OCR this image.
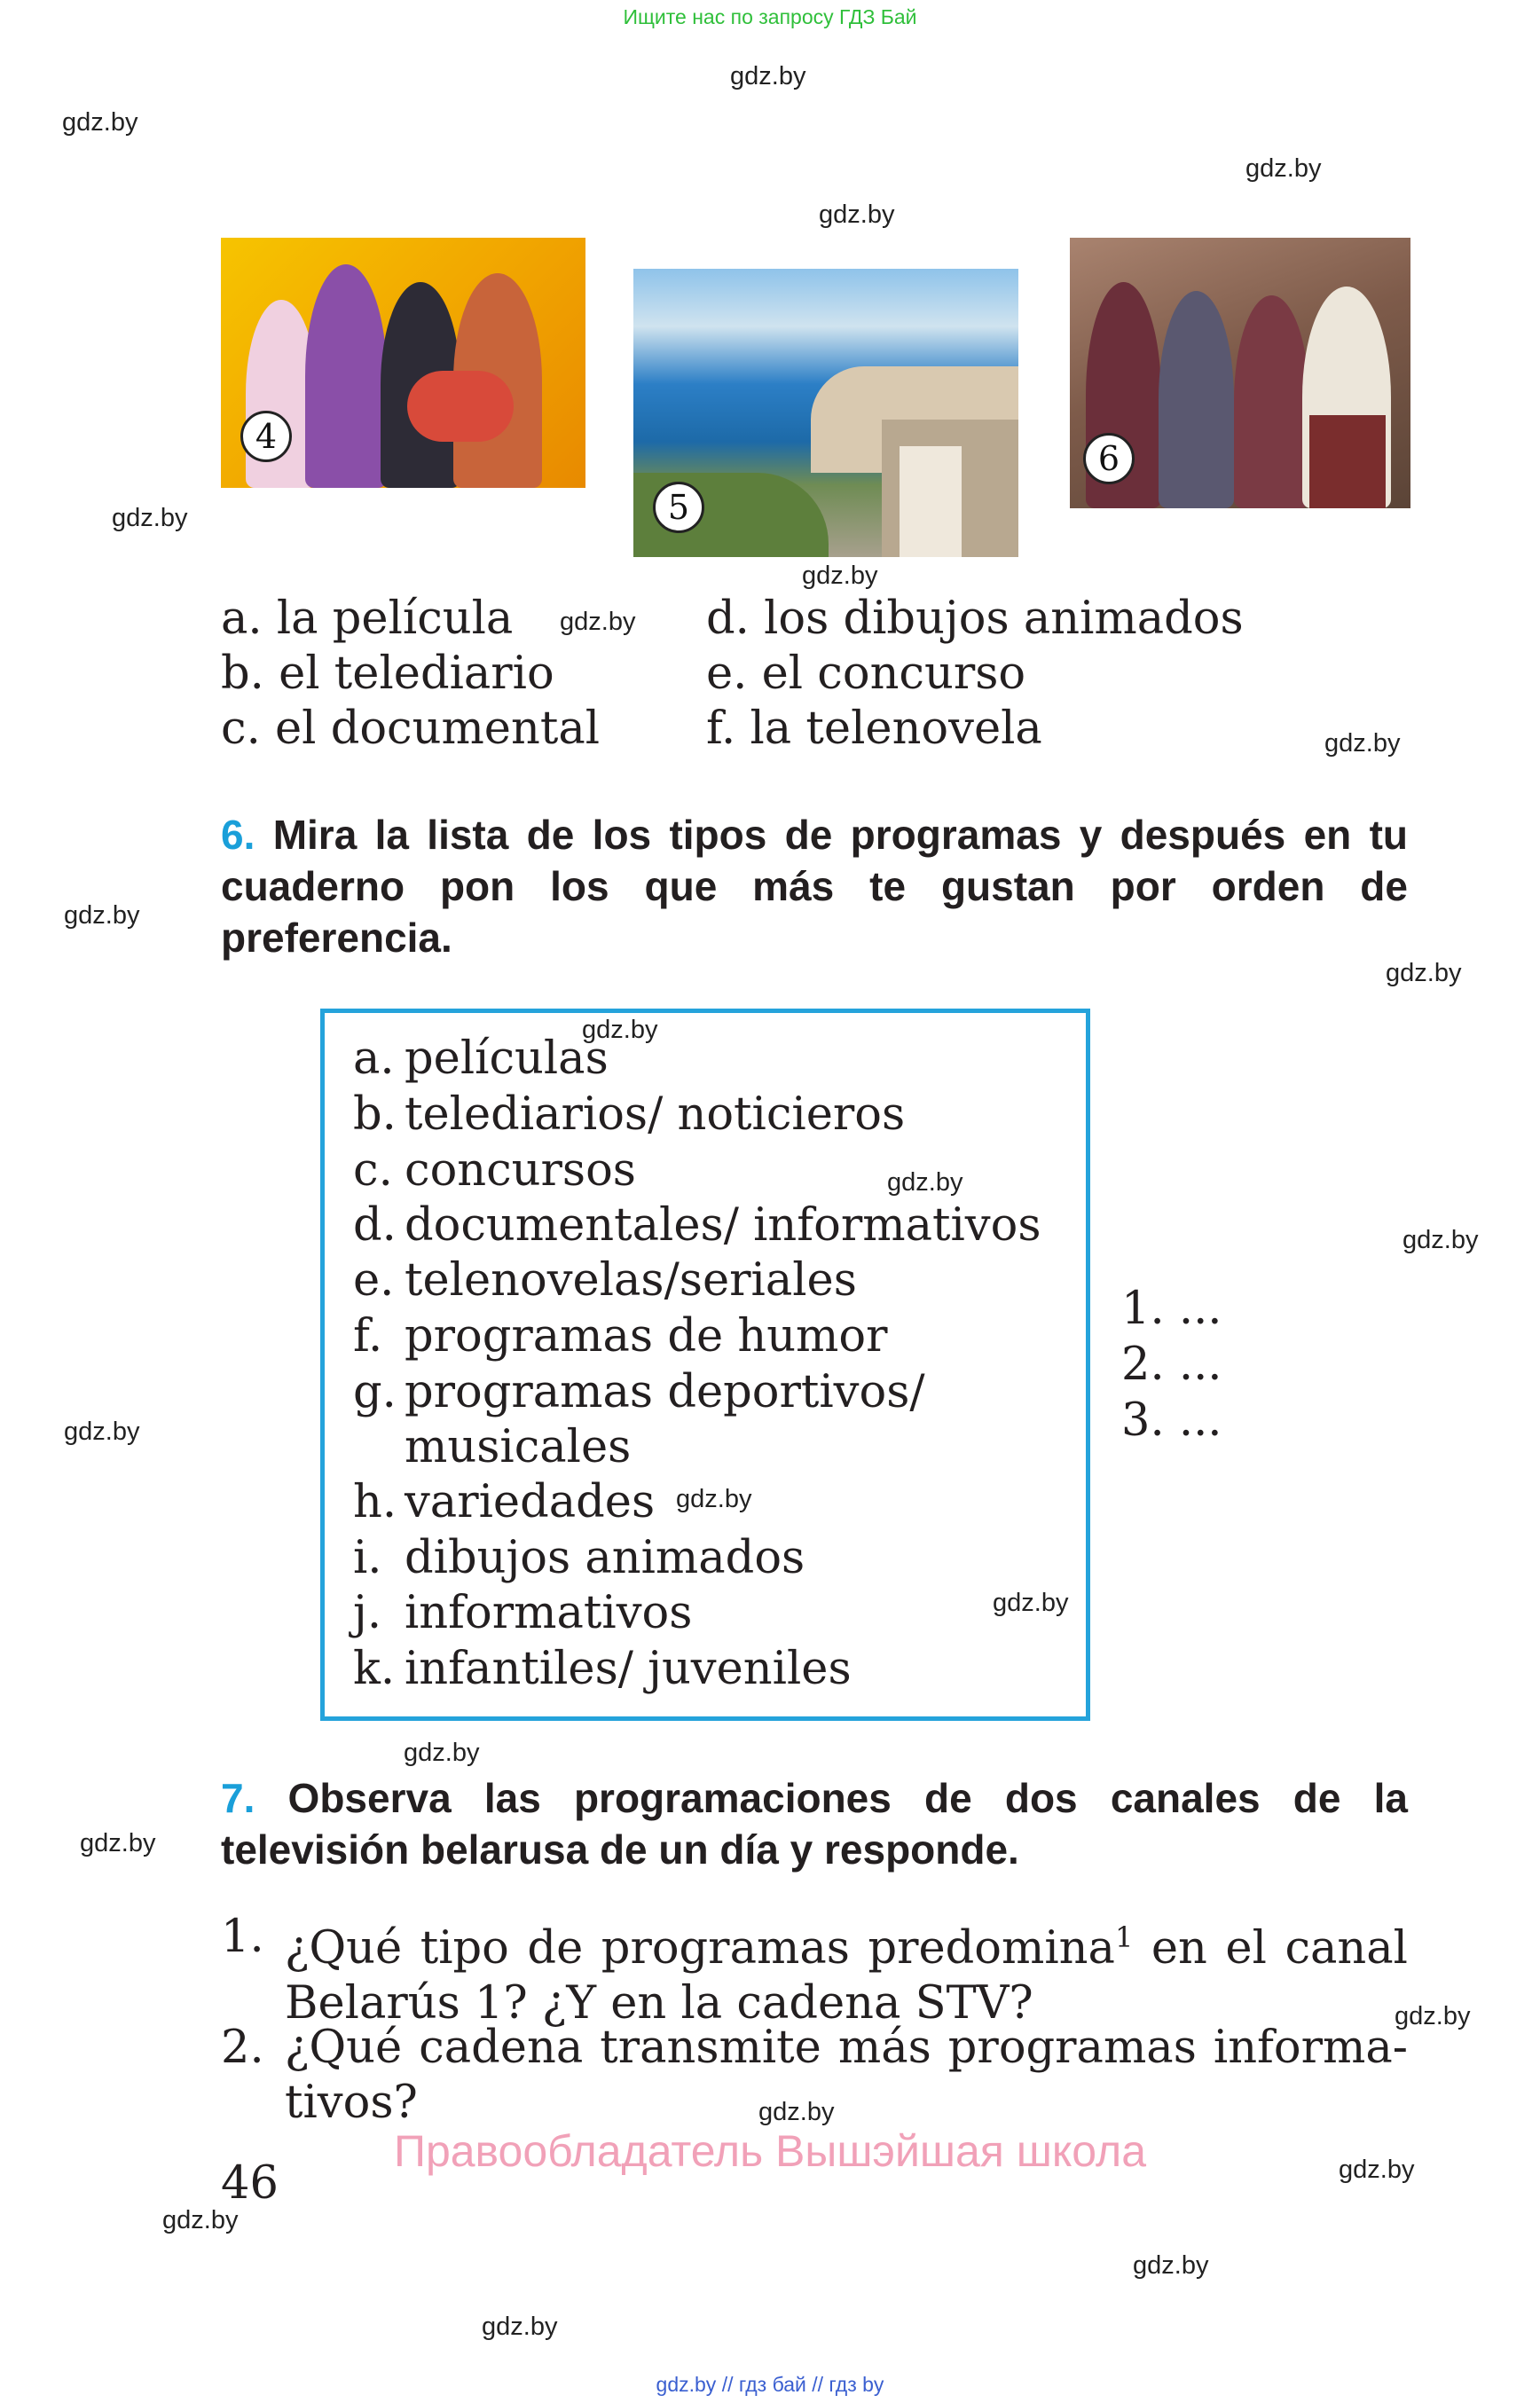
Ищите нас по запросу ГДЗ Бай
gdz.by
gdz.by
gdz.by
gdz.by
gdz.by
gdz.by
gdz.by
gdz.by
gdz.by
gdz.by
gdz.by
gdz.by
gdz.by
gdz.by
gdz.by
gdz.by
gdz.by
gdz.by
gdz.by
gdz.by
gdz.by
gdz.by
gdz.by
gdz.by
4
5
6
a. la película
b. el telediario
c. el documental
d. los dibujos animados
e. el concurso
f. la telenovela
6. Mira la lista de los tipos de programas y después en tu cuaderno pon los que más te gustan por orden de preferencia.
a. películas
b. telediarios/ noticieros
c. concursos
d. documentales/ informativos
e. telenovelas/seriales
f. programas de humor
g. programas deportivos/
musicales
h. variedades
i. dibujos animados
j. informativos
k. infantiles/ juveniles
1. ...
2. ...
3. ...
7. Observa las programaciones de dos canales de la televisión belarusa de un día y responde.
1. ¿Qué tipo de programas predomina$^1$ en el canal Belarús 1? ¿Y en la cadena STV?
2. ¿Qué cadena transmite más programas informa-tivos?
46
Правообладатель Вышэйшая школа
gdz.by // гдз бай // гдз by
